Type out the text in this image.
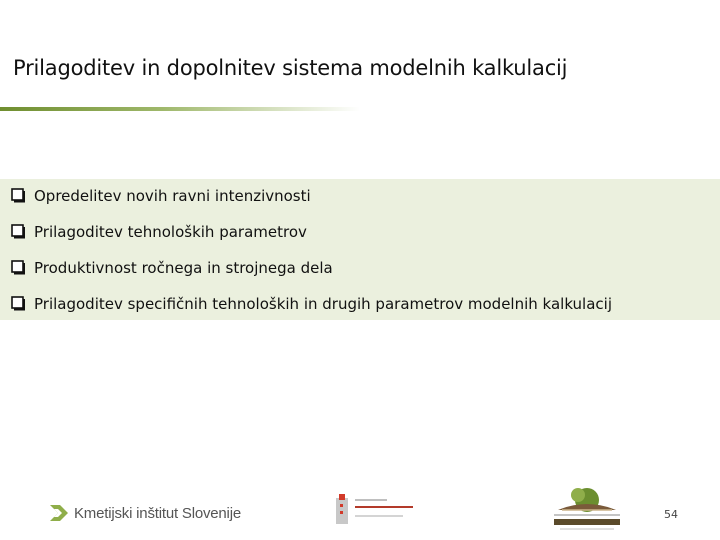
Prilagoditev in dopolnitev sistema modelnih kalkulacij
Opredelitev novih ravni intenzivnosti
Prilagoditev tehnoloških parametrov
Produktivnost ročnega in strojnega dela
Prilagoditev specifičnih tehnoloških in drugih parametrov modelnih kalkulacij
Kmetijski inštitut Slovenije	54
